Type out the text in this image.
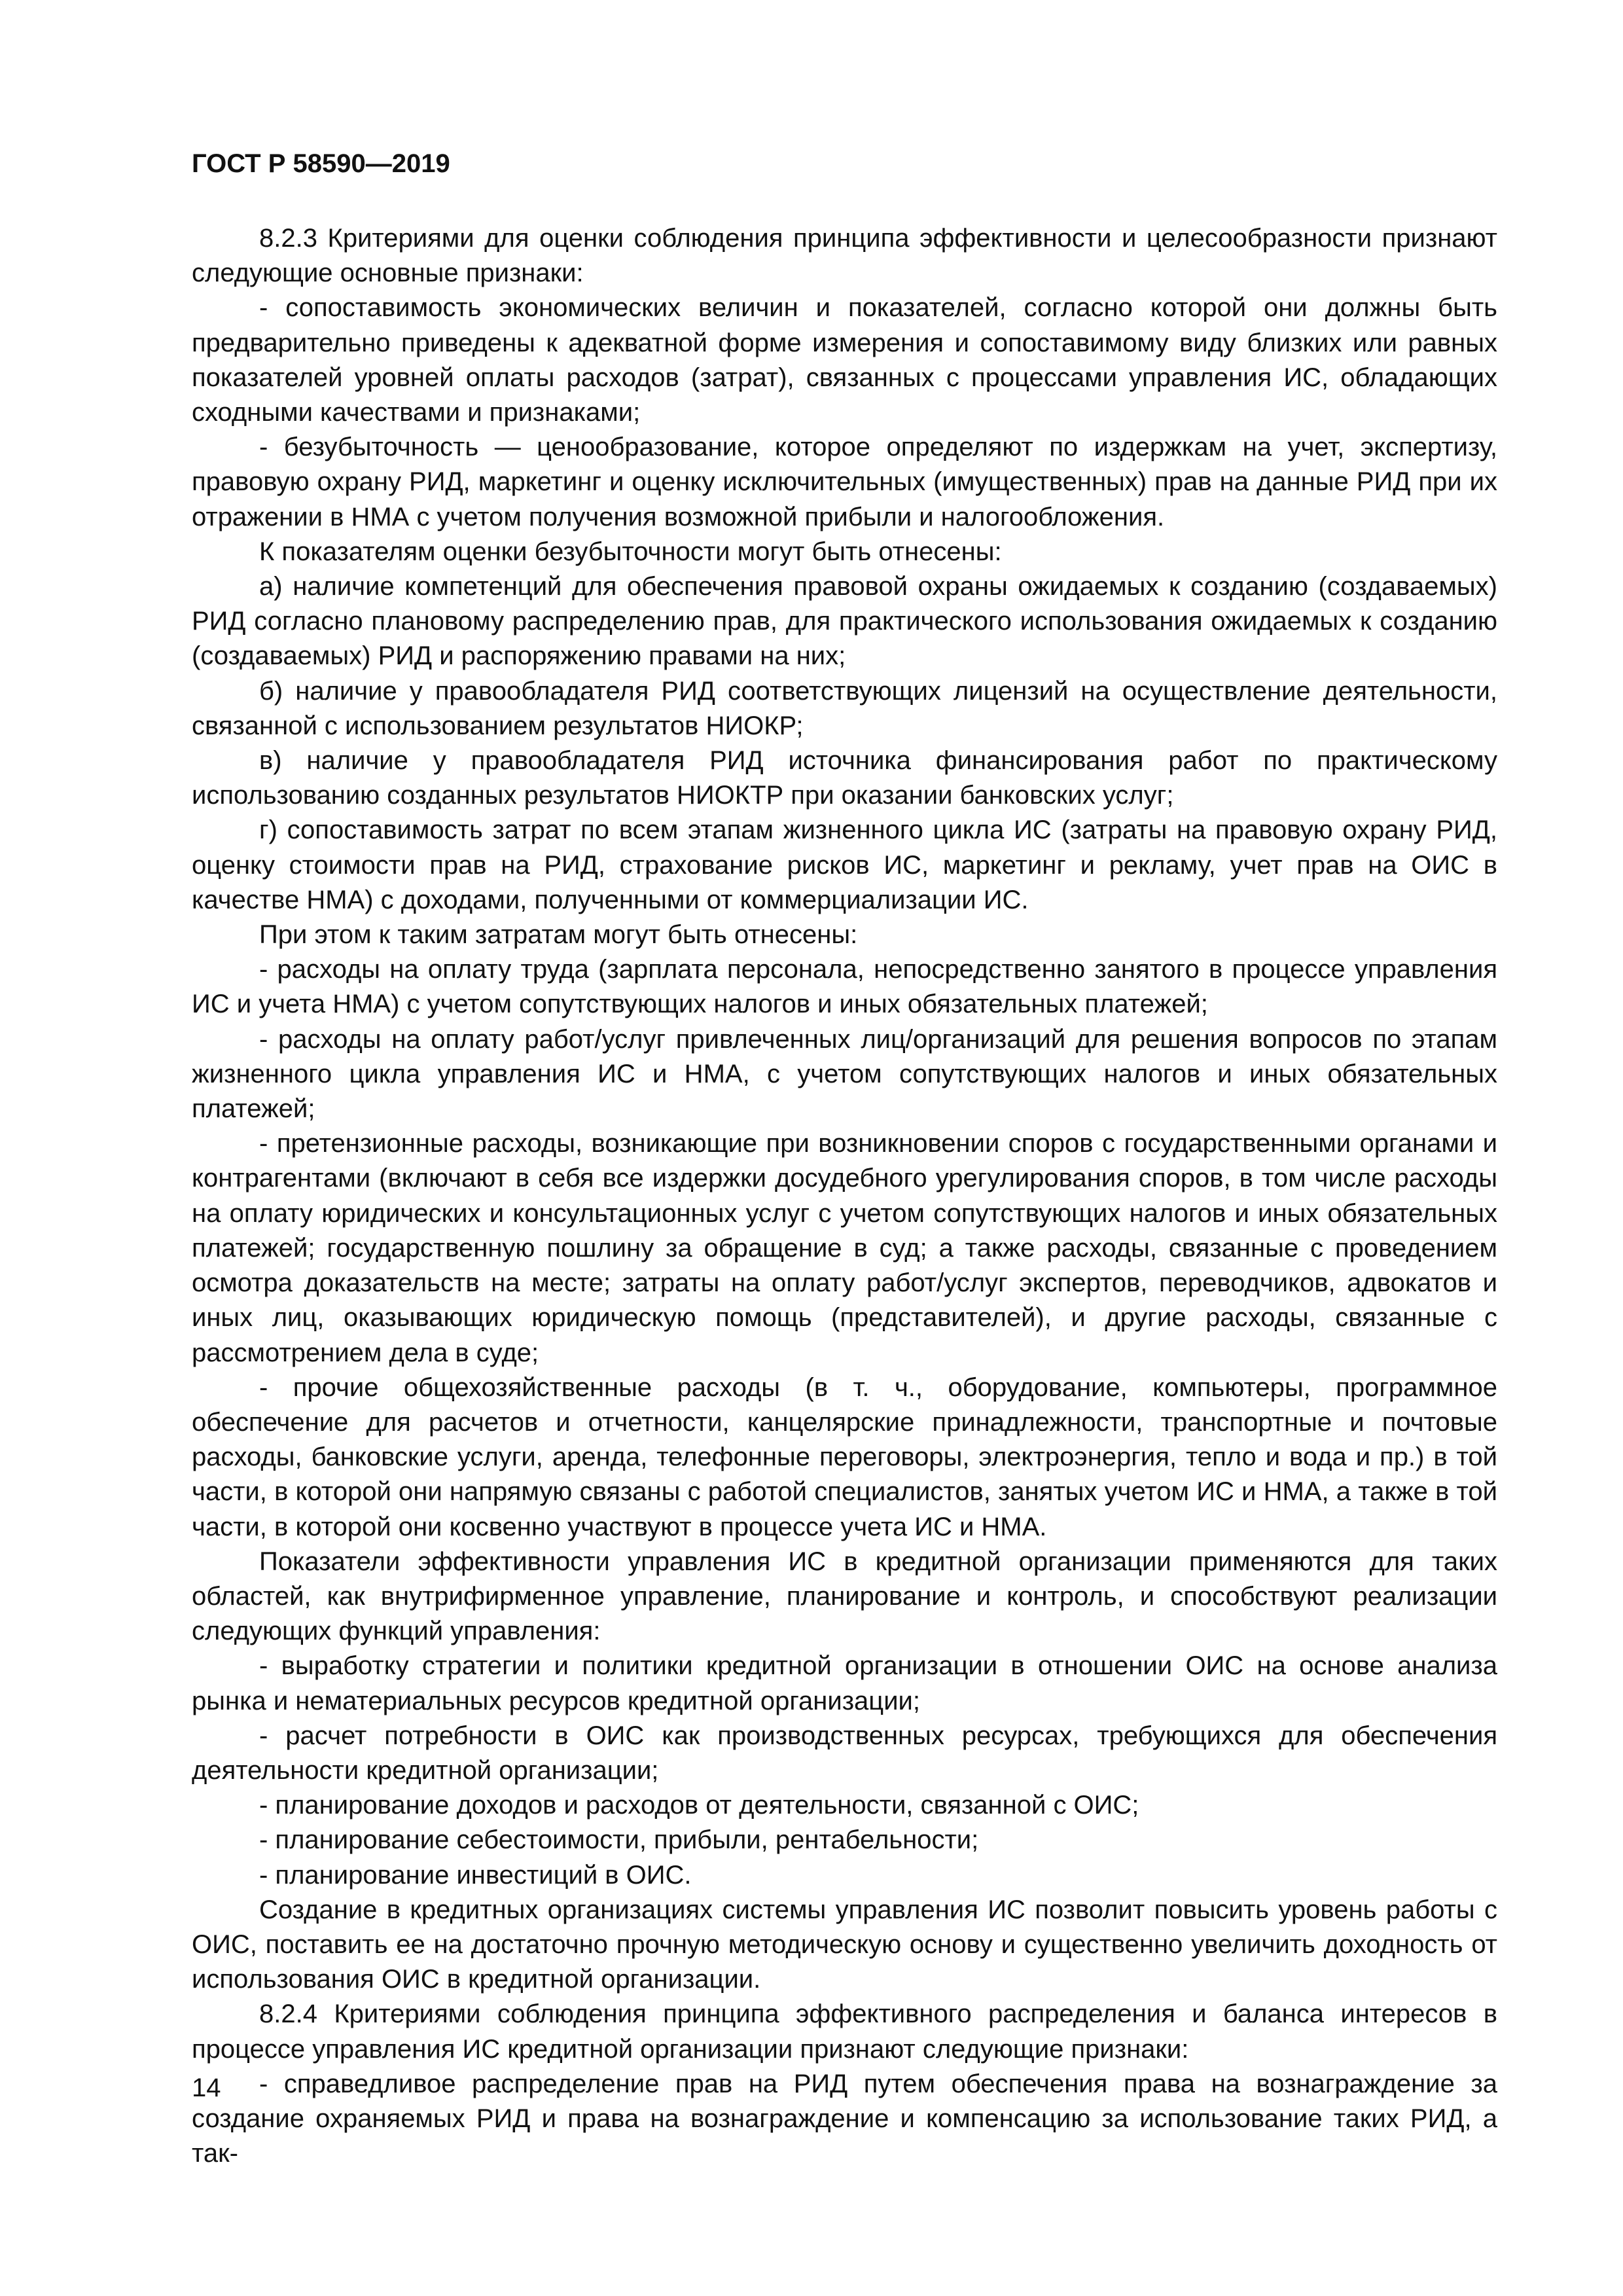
ГОСТ Р 58590—2019

8.2.3 Критериями для оценки соблюдения принципа эффективности и целесообразности признают следующие основные признаки:

- сопоставимость экономических величин и показателей, согласно которой они должны быть предварительно приведены к адекватной форме измерения и сопоставимому виду близких или равных показателей уровней оплаты расходов (затрат), связанных с процессами управления ИС, обладающих сходными качествами и признаками;

- безубыточность — ценообразование, которое определяют по издержкам на учет, экспертизу, правовую охрану РИД, маркетинг и оценку исключительных (имущественных) прав на данные РИД при их отражении в НМА с учетом получения возможной прибыли и налогообложения.

К показателям оценки безубыточности могут быть отнесены:

а) наличие компетенций для обеспечения правовой охраны ожидаемых к созданию (создаваемых) РИД согласно плановому распределению прав, для практического использования ожидаемых к созданию (создаваемых) РИД и распоряжению правами на них;

б) наличие у правообладателя РИД соответствующих лицензий на осуществление деятельности, связанной с использованием результатов НИОКР;

в) наличие у правообладателя РИД источника финансирования работ по практическому использованию созданных результатов НИОКТР при оказании банковских услуг;

г) сопоставимость затрат по всем этапам жизненного цикла ИС (затраты на правовую охрану РИД, оценку стоимости прав на РИД, страхование рисков ИС, маркетинг и рекламу, учет прав на ОИС в качестве НМА) с доходами, полученными от коммерциализации ИС.

При этом к таким затратам могут быть отнесены:

- расходы на оплату труда (зарплата персонала, непосредственно занятого в процессе управления ИС и учета НМА) с учетом сопутствующих налогов и иных обязательных платежей;

- расходы на оплату работ/услуг привлеченных лиц/организаций для решения вопросов по этапам жизненного цикла управления ИС и НМА, с учетом сопутствующих налогов и иных обязательных платежей;

- претензионные расходы, возникающие при возникновении споров с государственными органами и контрагентами (включают в себя все издержки досудебного урегулирования споров, в том числе расходы на оплату юридических и консультационных услуг с учетом сопутствующих налогов и иных обязательных платежей; государственную пошлину за обращение в суд; а также расходы, связанные с проведением осмотра доказательств на месте; затраты на оплату работ/услуг экспертов, переводчиков, адвокатов и иных лиц, оказывающих юридическую помощь (представителей), и другие расходы, связанные с рассмотрением дела в суде;

- прочие общехозяйственные расходы (в т. ч., оборудование, компьютеры, программное обеспечение для расчетов и отчетности, канцелярские принадлежности, транспортные и почтовые расходы, банковские услуги, аренда, телефонные переговоры, электроэнергия, тепло и вода и пр.) в той части, в которой они напрямую связаны с работой специалистов, занятых учетом ИС и НМА, а также в той части, в которой они косвенно участвуют в процессе учета ИС и НМА.

Показатели эффективности управления ИС в кредитной организации применяются для таких областей, как внутрифирменное управление, планирование и контроль, и способствуют реализации следующих функций управления:

- выработку стратегии и политики кредитной организации в отношении ОИС на основе анализа рынка и нематериальных ресурсов кредитной организации;

- расчет потребности в ОИС как производственных ресурсах, требующихся для обеспечения деятельности кредитной организации;

- планирование доходов и расходов от деятельности, связанной с ОИС;

- планирование себестоимости, прибыли, рентабельности;

- планирование инвестиций в ОИС.

Создание в кредитных организациях системы управления ИС позволит повысить уровень работы с ОИС, поставить ее на достаточно прочную методическую основу и существенно увеличить доходность от использования ОИС в кредитной организации.

8.2.4 Критериями соблюдения принципа эффективного распределения и баланса интересов в процессе управления ИС кредитной организации признают следующие признаки:

- справедливое распределение прав на РИД путем обеспечения права на вознаграждение за создание охраняемых РИД и права на вознаграждение и компенсацию за использование таких РИД, а так-

14
